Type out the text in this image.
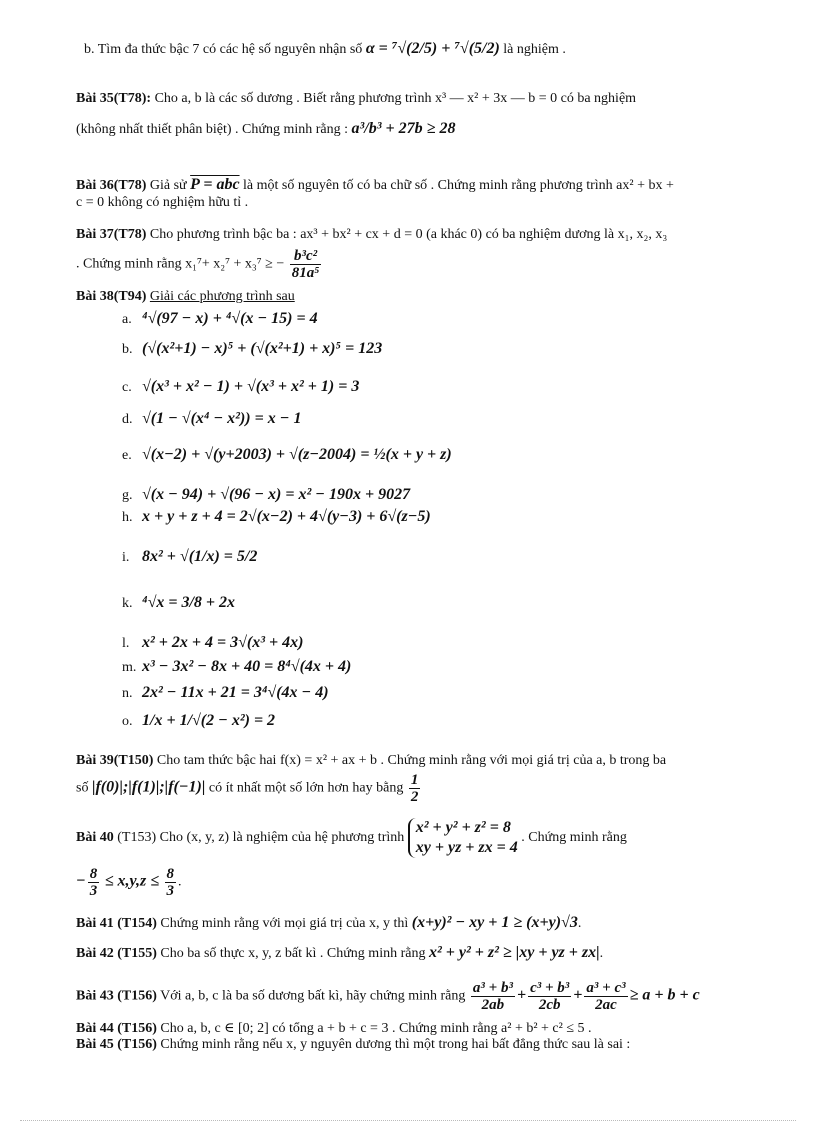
b. Tìm đa thức bậc 7 có các hệ số nguyên nhận số α = ⁷√(2/5) + ⁷√(5/2) là nghiệm .
Bài 35(T78): Cho a, b là các số dương . Biết rằng phương trình x³ — x² + 3x — b = 0 có ba nghiệm
(không nhất thiết phân biệt) . Chứng minh rằng : a³/b³ + 27b ≥ 28
Bài 36(T78) Giả sử P = abc là một số nguyên tố có ba chữ số . Chứng minh rằng phương trình ax² + bx +
c = 0 không có nghiệm hữu tỉ .
Bài 37(T78) Cho phương trình bậc ba : ax³ + bx² + cx + d = 0 (a khác 0) có ba nghiệm dương là x₁, x₂, x₃
. Chứng minh rằng x₁⁷+ x₂⁷ + x₃⁷ ≥ − $\frac{\text{b³c²}}{\text{81a⁵}}$
Bài 38(T94) Giải các phương trình sau
a. ⁴√(97 − x) + ⁴√(x − 15) = 4
b. (√(x²+1) − x)⁵ + (√(x²+1) + x)⁵ = 123
c. √(x³ + x² − 1) + √(x³ + x² + 1) = 3
d. √(1 − √(x⁴ − x²)) = x − 1
e. √(x−2) + √(y+2003) + √(z−2004) = ½(x + y + z)
g. √(x − 94) + √(96 − x) = x² − 190x + 9027
h. x + y + z + 4 = 2√(x−2) + 4√(y−3) + 6√(z−5)
i. 8x² + √(1/x) = 5/2
k. ⁴√x = 3/8 + 2x
l. x² + 2x + 4 = 3√(x³ + 4x)
m. x³ − 3x² − 8x + 40 = 8⁴√(4x + 4)
n. 2x² − 11x + 21 = 3⁴√(4x − 4)
o. 1/x + 1/√(2 − x²) = 2
Bài 39(T150) Cho tam thức bậc hai f(x) = x² + ax + b . Chứng minh rằng với mọi giá trị của a, b trong ba
số |f(0)|;|f(1)|;|f(−1)| có ít nhất một số lớn hơn hay bằng $\frac{1}{2}$
Bài 40 (T153) Cho (x, y, z) là nghiệm của hệ phương trình
x² + y² + z² = 8
xy + yz + zx = 4
. Chứng minh rằng
− $\frac{8}{3} \le x,y,z \le \frac{8}{3}$ .
Bài 41 (T154) Chứng minh rằng với mọi giá trị của x, y thì (x+y)² − xy + 1 ≥ (x+y)√3.
Bài 42 (T155) Cho ba số thực x, y, z bất kì . Chứng minh rằng x² + y² + z² ≥ |xy + yz + zx|.
Bài 43 (T156) Với a, b, c là ba số dương bất kì, hãy chứng minh rằng $\frac{\text{a³ + b³}}{2ab} + \frac{\text{c³ + b³}}{2cb} + \frac{\text{a³ + c³}}{2ac} \ge a + b + c$
Bài 44 (T156) Cho a, b, c ∈ [0; 2] có tổng a + b + c = 3 . Chứng minh rằng a² + b² + c² ≤ 5 .
Bài 45 (T156) Chứng minh rằng nếu x, y nguyên dương thì một trong hai bất đẳng thức sau là sai :
